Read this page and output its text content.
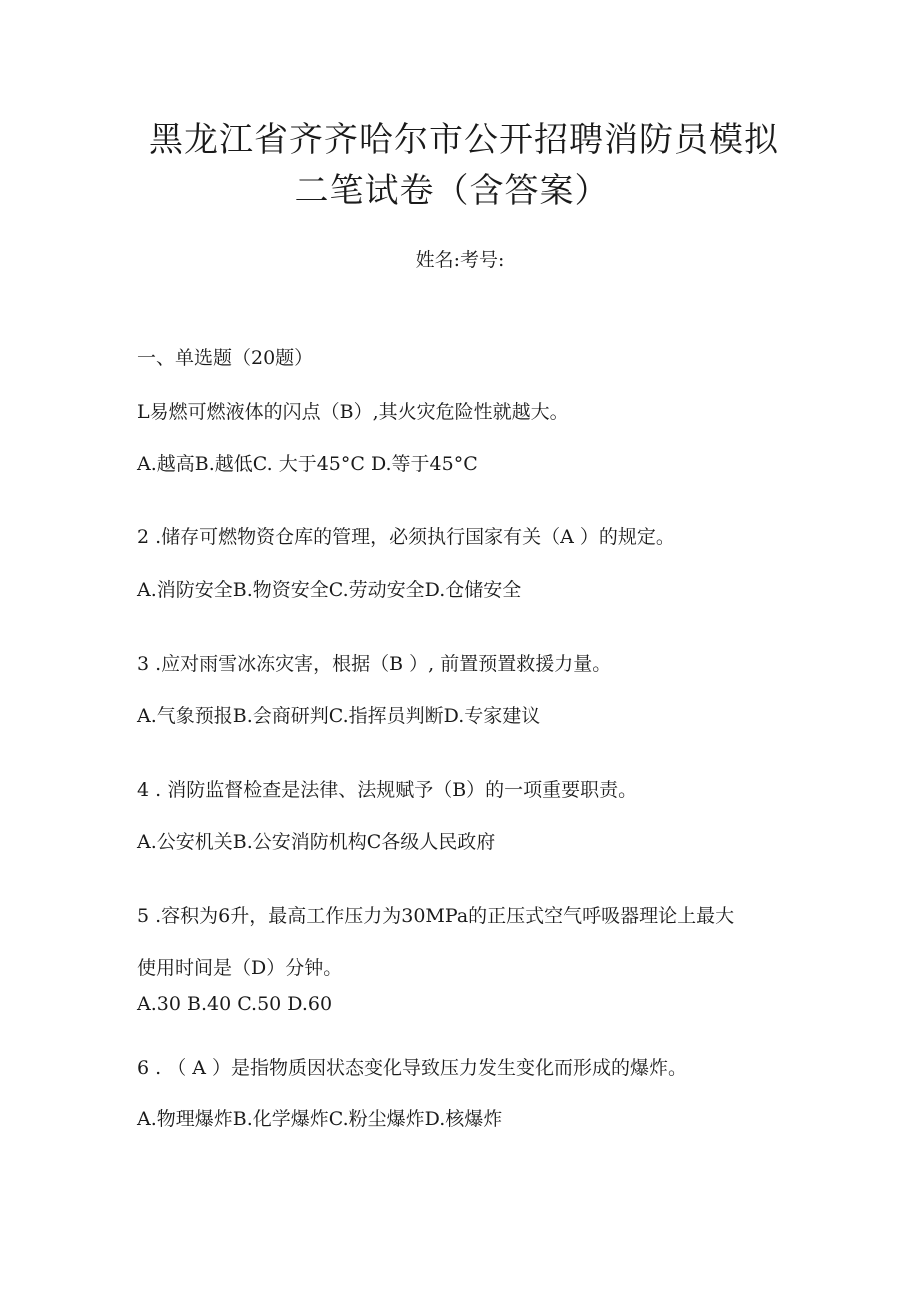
黑龙江省齐齐哈尔市公开招聘消防员模拟
二笔试卷（含答案）
姓名:考号:
一、单选题（20题）
L易燃可燃液体的闪点（B）,其火灾危险性就越大。
A.越高B.越低C. 大于45°C D.等于45°C
2 .储存可燃物资仓库的管理，必须执行国家有关（A ）的规定。
A.消防安全B.物资安全C.劳动安全D.仓储安全
3 .应对雨雪冰冻灾害，根据（B ）, 前置预置救援力量。
A.气象预报B.会商研判C.指挥员判断D.专家建议
4 . 消防监督检查是法律、法规赋予（B）的一项重要职责。
A.公安机关B.公安消防机构C各级人民政府
5 .容积为6升，最高工作压力为30MPa的正压式空气呼吸器理论上最大
使用时间是（D）分钟。
A.30 B.40 C.50 D.60
6 . （ A ）是指物质因状态变化导致压力发生变化而形成的爆炸。
A.物理爆炸B.化学爆炸C.粉尘爆炸D.核爆炸
